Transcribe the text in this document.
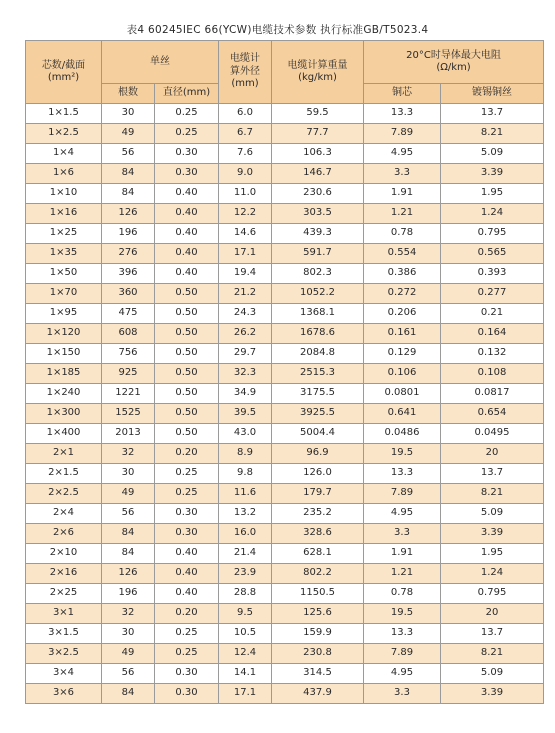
表4 60245IEC 66(YCW)电缆技术参数 执行标准GB/T5023.4
芯数/截面
(mm²)	单丝		电缆计
算外径
(mm)	电缆计算重量
(kg/km)	20°C时导体最大电阻
(Ω/km)	
	根数	直径(mm)			铜芯	镀锡铜丝
1×1.5	30	0.25	6.0	59.5	13.3	13.7
1×2.5	49	0.25	6.7	77.7	7.89	8.21
1×4	56	0.30	7.6	106.3	4.95	5.09
1×6	84	0.30	9.0	146.7	3.3	3.39
1×10	84	0.40	11.0	230.6	1.91	1.95
1×16	126	0.40	12.2	303.5	1.21	1.24
1×25	196	0.40	14.6	439.3	0.78	0.795
1×35	276	0.40	17.1	591.7	0.554	0.565
1×50	396	0.40	19.4	802.3	0.386	0.393
1×70	360	0.50	21.2	1052.2	0.272	0.277
1×95	475	0.50	24.3	1368.1	0.206	0.21
1×120	608	0.50	26.2	1678.6	0.161	0.164
1×150	756	0.50	29.7	2084.8	0.129	0.132
1×185	925	0.50	32.3	2515.3	0.106	0.108
1×240	1221	0.50	34.9	3175.5	0.0801	0.0817
1×300	1525	0.50	39.5	3925.5	0.641	0.654
1×400	2013	0.50	43.0	5004.4	0.0486	0.0495
2×1	32	0.20	8.9	96.9	19.5	20
2×1.5	30	0.25	9.8	126.0	13.3	13.7
2×2.5	49	0.25	11.6	179.7	7.89	8.21
2×4	56	0.30	13.2	235.2	4.95	5.09
2×6	84	0.30	16.0	328.6	3.3	3.39
2×10	84	0.40	21.4	628.1	1.91	1.95
2×16	126	0.40	23.9	802.2	1.21	1.24
2×25	196	0.40	28.8	1150.5	0.78	0.795
3×1	32	0.20	9.5	125.6	19.5	20
3×1.5	30	0.25	10.5	159.9	13.3	13.7
3×2.5	49	0.25	12.4	230.8	7.89	8.21
3×4	56	0.30	14.1	314.5	4.95	5.09
3×6	84	0.30	17.1	437.9	3.3	3.39
